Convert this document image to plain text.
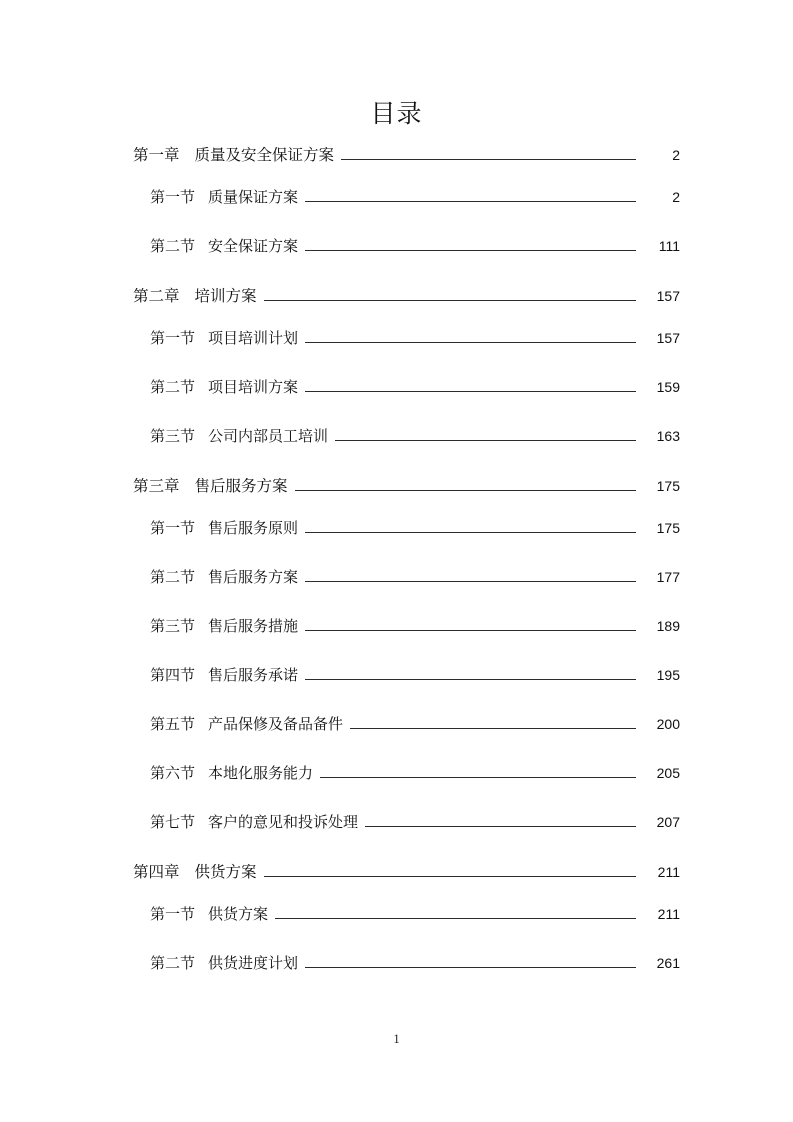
目录
第一章 质量及安全保证方案	2
第一节 质量保证方案	2
第二节 安全保证方案	111
第二章 培训方案	157
第一节 项目培训计划	157
第二节 项目培训方案	159
第三节 公司内部员工培训	163
第三章 售后服务方案	175
第一节 售后服务原则	175
第二节 售后服务方案	177
第三节 售后服务措施	189
第四节 售后服务承诺	195
第五节 产品保修及备品备件	200
第六节 本地化服务能力	205
第七节 客户的意见和投诉处理	207
第四章 供货方案	211
第一节 供货方案	211
第二节 供货进度计划	261
1
